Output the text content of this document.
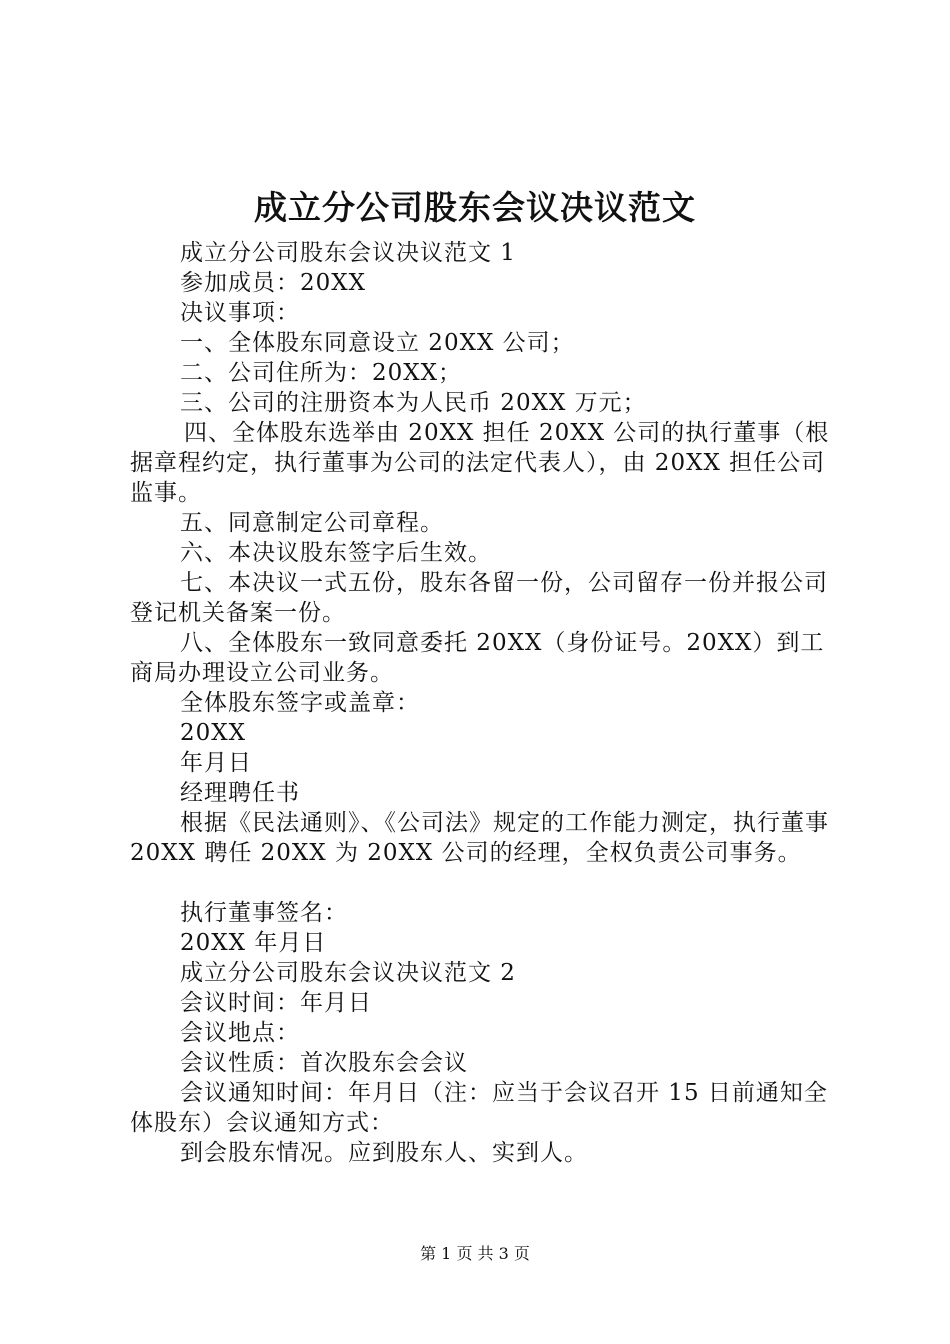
成立分公司股东会议决议范文

成立分公司股东会议决议范文 1

参加成员：20XX

决议事项：

一、全体股东同意设立 20XX 公司；

二、公司住所为：20XX；

三、公司的注册资本为人民币 20XX 万元；

四、全体股东选举由 20XX 担任 20XX 公司的执行董事（根据章程约定，执行董事为公司的法定代表人），由 20XX 担任公司监事。

五、同意制定公司章程。

六、本决议股东签字后生效。

七、本决议一式五份，股东各留一份，公司留存一份并报公司登记机关备案一份。

八、全体股东一致同意委托 20XX（身份证号。20XX）到工商局办理设立公司业务。

全体股东签字或盖章：

20XX

年月日

经理聘任书

根据《民法通则》、《公司法》规定的工作能力测定，执行董事 20XX 聘任 20XX 为 20XX 公司的经理，全权负责公司事务。

执行董事签名：

20XX 年月日

成立分公司股东会议决议范文 2

会议时间：年月日

会议地点：

会议性质：首次股东会会议

会议通知时间：年月日（注：应当于会议召开 15 日前通知全体股东）会议通知方式：

到会股东情况。应到股东人、实到人。

第 1 页 共 3 页
